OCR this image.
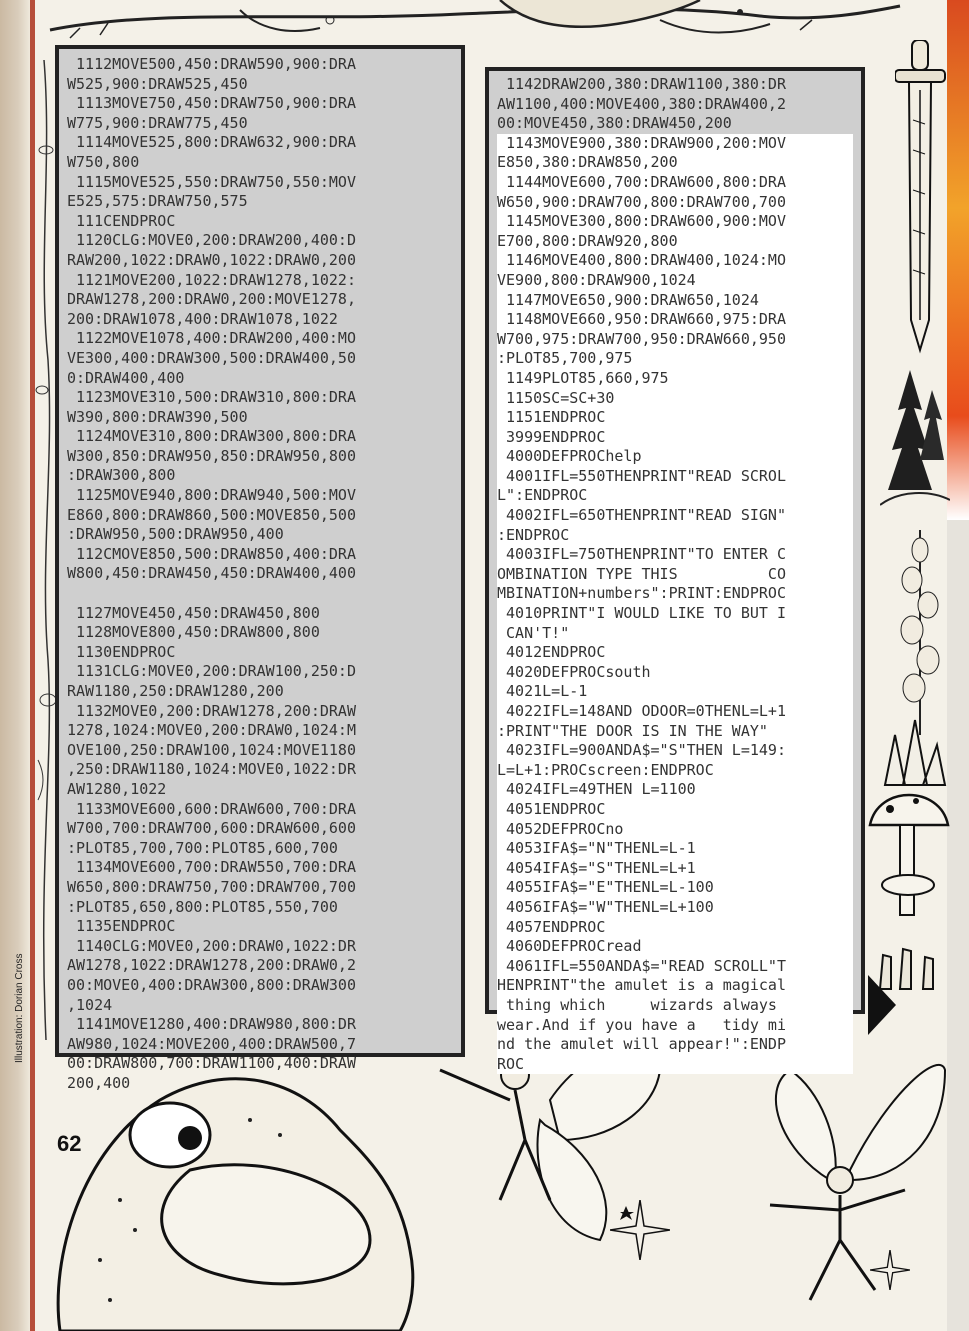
1112MOVE500,450:DRAW590,900:DRA
W525,900:DRAW525,450
1113MOVE750,450:DRAW750,900:DRA
W775,900:DRAW775,450
1114MOVE525,800:DRAW632,900:DRA
W750,800
1115MOVE525,550:DRAW750,550:MOV
E525,575:DRAW750,575
111CENDPROC
1120CLG:MOVE0,200:DRAW200,400:D
RAW200,1022:DRAW0,1022:DRAW0,200
1121MOVE200,1022:DRAW1278,1022:
DRAW1278,200:DRAW0,200:MOVE1278,
200:DRAW1078,400:DRAW1078,1022
1122MOVE1078,400:DRAW200,400:MO
VE300,400:DRAW300,500:DRAW400,50
0:DRAW400,400
1123MOVE310,500:DRAW310,800:DRA
W390,800:DRAW390,500
1124MOVE310,800:DRAW300,800:DRA
W300,850:DRAW950,850:DRAW950,800
:DRAW300,800
1125MOVE940,800:DRAW940,500:MOV
E860,800:DRAW860,500:MOVE850,500
:DRAW950,500:DRAW950,400
112CMOVE850,500:DRAW850,400:DRA
W800,450:DRAW450,450:DRAW400,400

1127MOVE450,450:DRAW450,800
1128MOVE800,450:DRAW800,800
1130ENDPROC
1131CLG:MOVE0,200:DRAW100,250:D
RAW1180,250:DRAW1280,200
1132MOVE0,200:DRAW1278,200:DRAW
1278,1024:MOVE0,200:DRAW0,1024:M
OVE100,250:DRAW100,1024:MOVE1180
,250:DRAW1180,1024:MOVE0,1022:DR
AW1280,1022
1133MOVE600,600:DRAW600,700:DRA
W700,700:DRAW700,600:DRAW600,600
:PLOT85,700,700:PLOT85,600,700
1134MOVE600,700:DRAW550,700:DRA
W650,800:DRAW750,700:DRAW700,700
:PLOT85,650,800:PLOT85,550,700
1135ENDPROC
1140CLG:MOVE0,200:DRAW0,1022:DR
AW1278,1022:DRAW1278,200:DRAW0,2
00:MOVE0,400:DRAW300,800:DRAW300
,1024
1141MOVE1280,400:DRAW980,800:DR
AW980,1024:MOVE200,400:DRAW500,7
00:DRAW800,700:DRAW1100,400:DRAW
200,400
1142DRAW200,380:DRAW1100,380:DR
AW1100,400:MOVE400,380:DRAW400,2
00:MOVE450,380:DRAW450,200
1143MOVE900,380:DRAW900,200:MOV
E850,380:DRAW850,200
1144MOVE600,700:DRAW600,800:DRA
W650,900:DRAW700,800:DRAW700,700
1145MOVE300,800:DRAW600,900:MOV
E700,800:DRAW920,800
1146MOVE400,800:DRAW400,1024:MO
VE900,800:DRAW900,1024
1147MOVE650,900:DRAW650,1024
1148MOVE660,950:DRAW660,975:DRA
W700,975:DRAW700,950:DRAW660,950
:PLOT85,700,975
1149PLOT85,660,975
1150SC=SC+30
1151ENDPROC
3999ENDPROC
4000DEFPROChelp
4001IFL=550THENPRINT"READ SCROL
L":ENDPROC
4002IFL=650THENPRINT"READ SIGN"
:ENDPROC
4003IFL=750THENPRINT"TO ENTER C
OMBINATION TYPE THIS          CO
MBINATION+numbers":PRINT:ENDPROC
4010PRINT"I WOULD LIKE TO BUT I
CAN'T!"
4012ENDPROC
4020DEFPROCsouth
4021L=L-1
4022IFL=148AND ODOOR=0THENL=L+1
:PRINT"THE DOOR IS IN THE WAY"
4023IFL=900ANDA$="S"THEN L=149:
L=L+1:PROCscreen:ENDPROC
4024IFL=49THEN L=1100
4051ENDPROC
4052DEFPROCno
4053IFA$="N"THENL=L-1
4054IFA$="S"THENL=L+1
4055IFA$="E"THENL=L-100
4056IFA$="W"THENL=L+100
4057ENDPROC
4060DEFPROCread
4061IFL=550ANDA$="READ SCROLL"T
HENPRINT"the amulet is a magical
thing which     wizards always
wear.And if you have a   tidy mi
nd the amulet will appear!":ENDP
ROC
62
